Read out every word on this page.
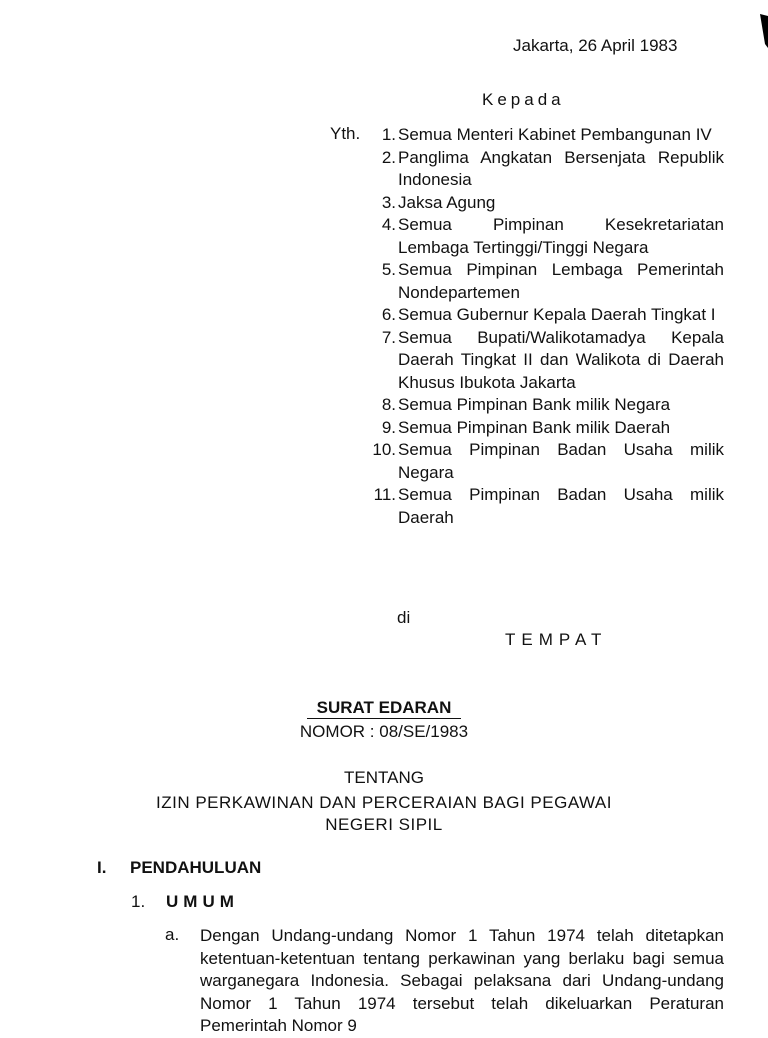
Jakarta, 26 April 1983
Kepada
Yth.	1. Semua Menteri Kabinet Pembangunan IV
2. Panglima Angkatan Bersenjata Republik Indonesia
3. Jaksa Agung
4. Semua Pimpinan Kesekretariatan Lembaga Tertinggi/Tinggi Negara
5. Semua Pimpinan Lembaga Pemerintah Nondepartemen
6. Semua Gubernur Kepala Daerah Tingkat I
7. Semua Bupati/Walikotamadya Kepala Daerah Tingkat II dan Walikota di Daerah Khusus Ibukota Jakarta
8. Semua Pimpinan Bank milik Negara
9. Semua Pimpinan Bank milik Daerah
10. Semua Pimpinan Badan Usaha milik Negara
11. Semua Pimpinan Badan Usaha milik Daerah
di
TEMPAT
SURAT EDARAN
NOMOR : 08/SE/1983
TENTANG
IZIN PERKAWINAN DAN PERCERAIAN BAGI PEGAWAI
NEGERI SIPIL
I. PENDAHULUAN
1. UMUM
a. Dengan Undang-undang Nomor 1 Tahun 1974 telah ditetapkan ketentuan-ketentuan tentang perkawinan yang berlaku bagi semua warganegara Indonesia. Sebagai pelaksana dari Undang-undang Nomor 1 Tahun 1974 tersebut telah dikeluarkan Peraturan Pemerintah Nomor 9
